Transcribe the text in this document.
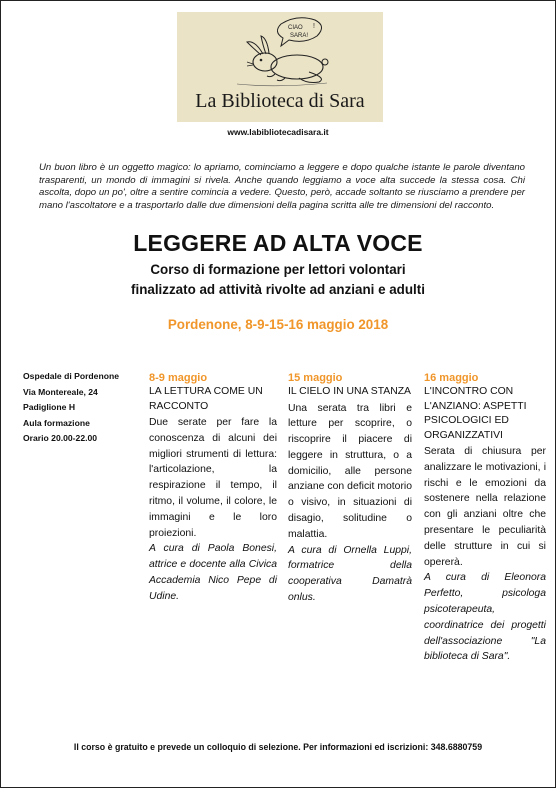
CIAO
SARA!
!
La Biblioteca di Sara
www.labibliotecadisara.it
Un buon libro è un oggetto magico: lo apriamo, cominciamo a leggere e dopo qualche istante le parole diventano trasparenti, un mondo di immagini si rivela. Anche quando leggiamo a voce alta succede la stessa cosa. Chi ascolta, dopo un po', oltre a sentire comincia a vedere. Questo, però, accade soltanto se riusciamo a prendere per mano l'ascoltatore e a trasportarlo dalle due dimensioni della pagina scritta alle tre dimensioni del racconto.
LEGGERE AD ALTA VOCE
Corso di formazione per lettori volontari
finalizzato ad attività rivolte ad anziani e adulti
Pordenone, 8-9-15-16 maggio 2018
Ospedale di Pordenone
Via Montereale, 24
Padiglione H
Aula formazione
Orario 20.00-22.00
8-9 maggio
LA LETTURA COME UN RACCONTO
Due serate per fare la conoscenza di alcuni dei migliori strumenti di lettura: l'articolazione, la respirazione il tempo, il ritmo, il volume, il colore, le immagini e le loro proiezioni.
A cura di Paola Bonesi, attrice e docente alla Civica Accademia Nico Pepe di Udine.
15 maggio
IL CIELO IN UNA STANZA
Una serata tra libri e letture per scoprire, o riscoprire il piacere di leggere in struttura, o a domicilio, alle persone anziane con deficit motorio o visivo, in situazioni di disagio, solitudine o malattia.
A cura di Ornella Luppi, formatrice della cooperativa Damatrà onlus.
16 maggio
L'INCONTRO CON L'ANZIANO: ASPETTI PSICOLOGICI ED ORGANIZZATIVI
Serata di chiusura per analizzare le motivazioni, i rischi e le emozioni da sostenere nella relazione con gli anziani oltre che presentare le peculiarità delle strutture in cui si opererà.
A cura di Eleonora Perfetto, psicologa psicoterapeuta, coordinatrice dei progetti dell'associazione "La biblioteca di Sara".
Il corso è gratuito e prevede un colloquio di selezione. Per informazioni ed iscrizioni: 348.6880759
